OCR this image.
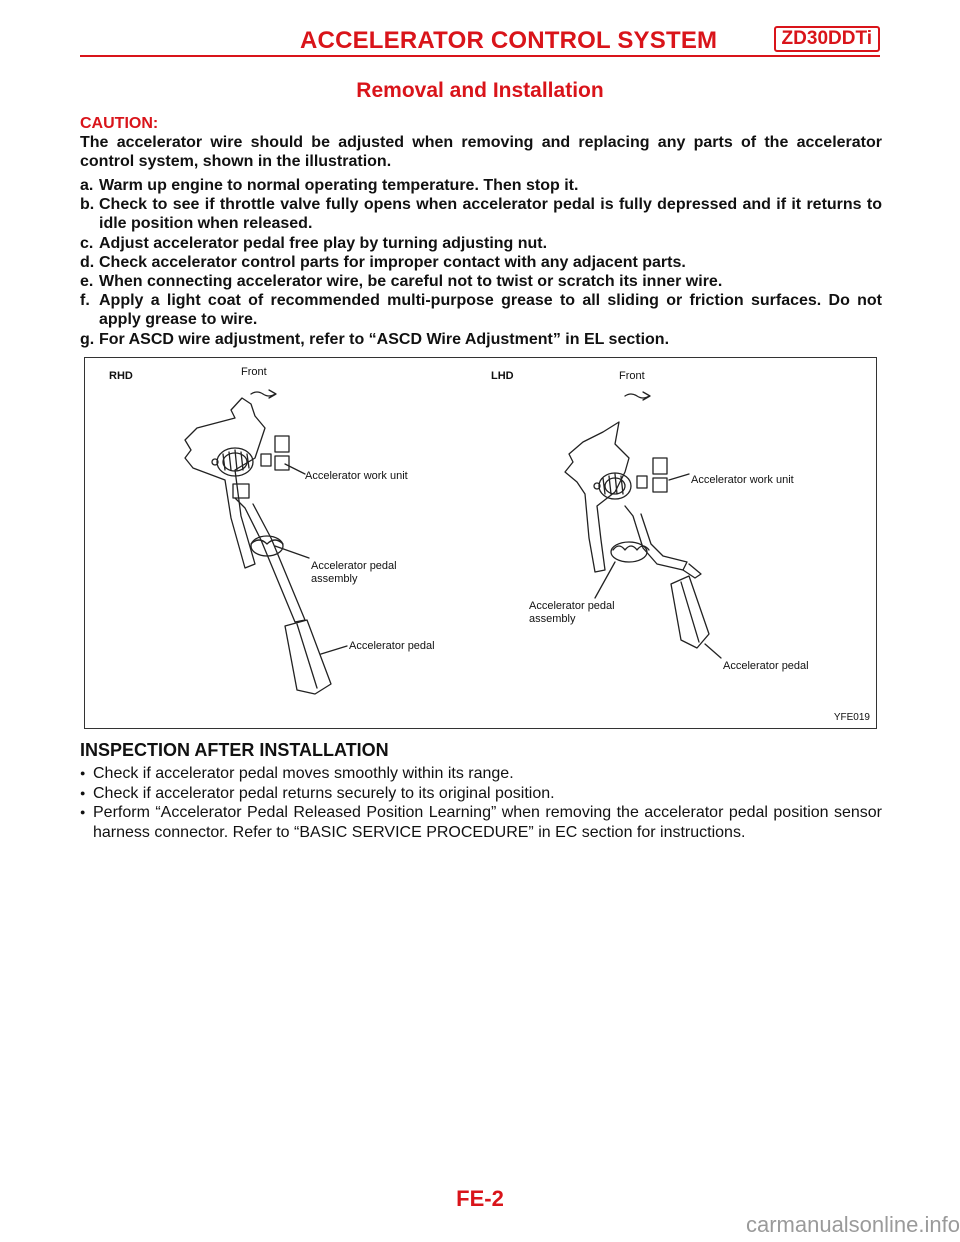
ACCELERATOR CONTROL SYSTEM	ZD30DDTi
Removal and Installation
CAUTION:
The accelerator wire should be adjusted when removing and replacing any parts of the accelerator control system, shown in the illustration.
a. Warm up engine to normal operating temperature. Then stop it.
b. Check to see if throttle valve fully opens when accelerator pedal is fully depressed and if it returns to idle position when released.
c. Adjust accelerator pedal free play by turning adjusting nut.
d. Check accelerator control parts for improper contact with any adjacent parts.
e. When connecting accelerator wire, be careful not to twist or scratch its inner wire.
f. Apply a light coat of recommended multi-purpose grease to all sliding or friction surfaces. Do not apply grease to wire.
g. For ASCD wire adjustment, refer to “ASCD Wire Adjustment” in EL section.
RHD	Front
Accelerator work unit
Accelerator pedal
assembly
Accelerator pedal
LHD	Front
Accelerator work unit
Accelerator pedal
assembly
Accelerator pedal
YFE019
INSPECTION AFTER INSTALLATION
● Check if accelerator pedal moves smoothly within its range.
● Check if accelerator pedal returns securely to its original position.
● Perform “Accelerator Pedal Released Position Learning” when removing the accelerator pedal position sensor harness connector. Refer to “BASIC SERVICE PROCEDURE” in EC section for instructions.
FE-2
carmanualsonline.info
